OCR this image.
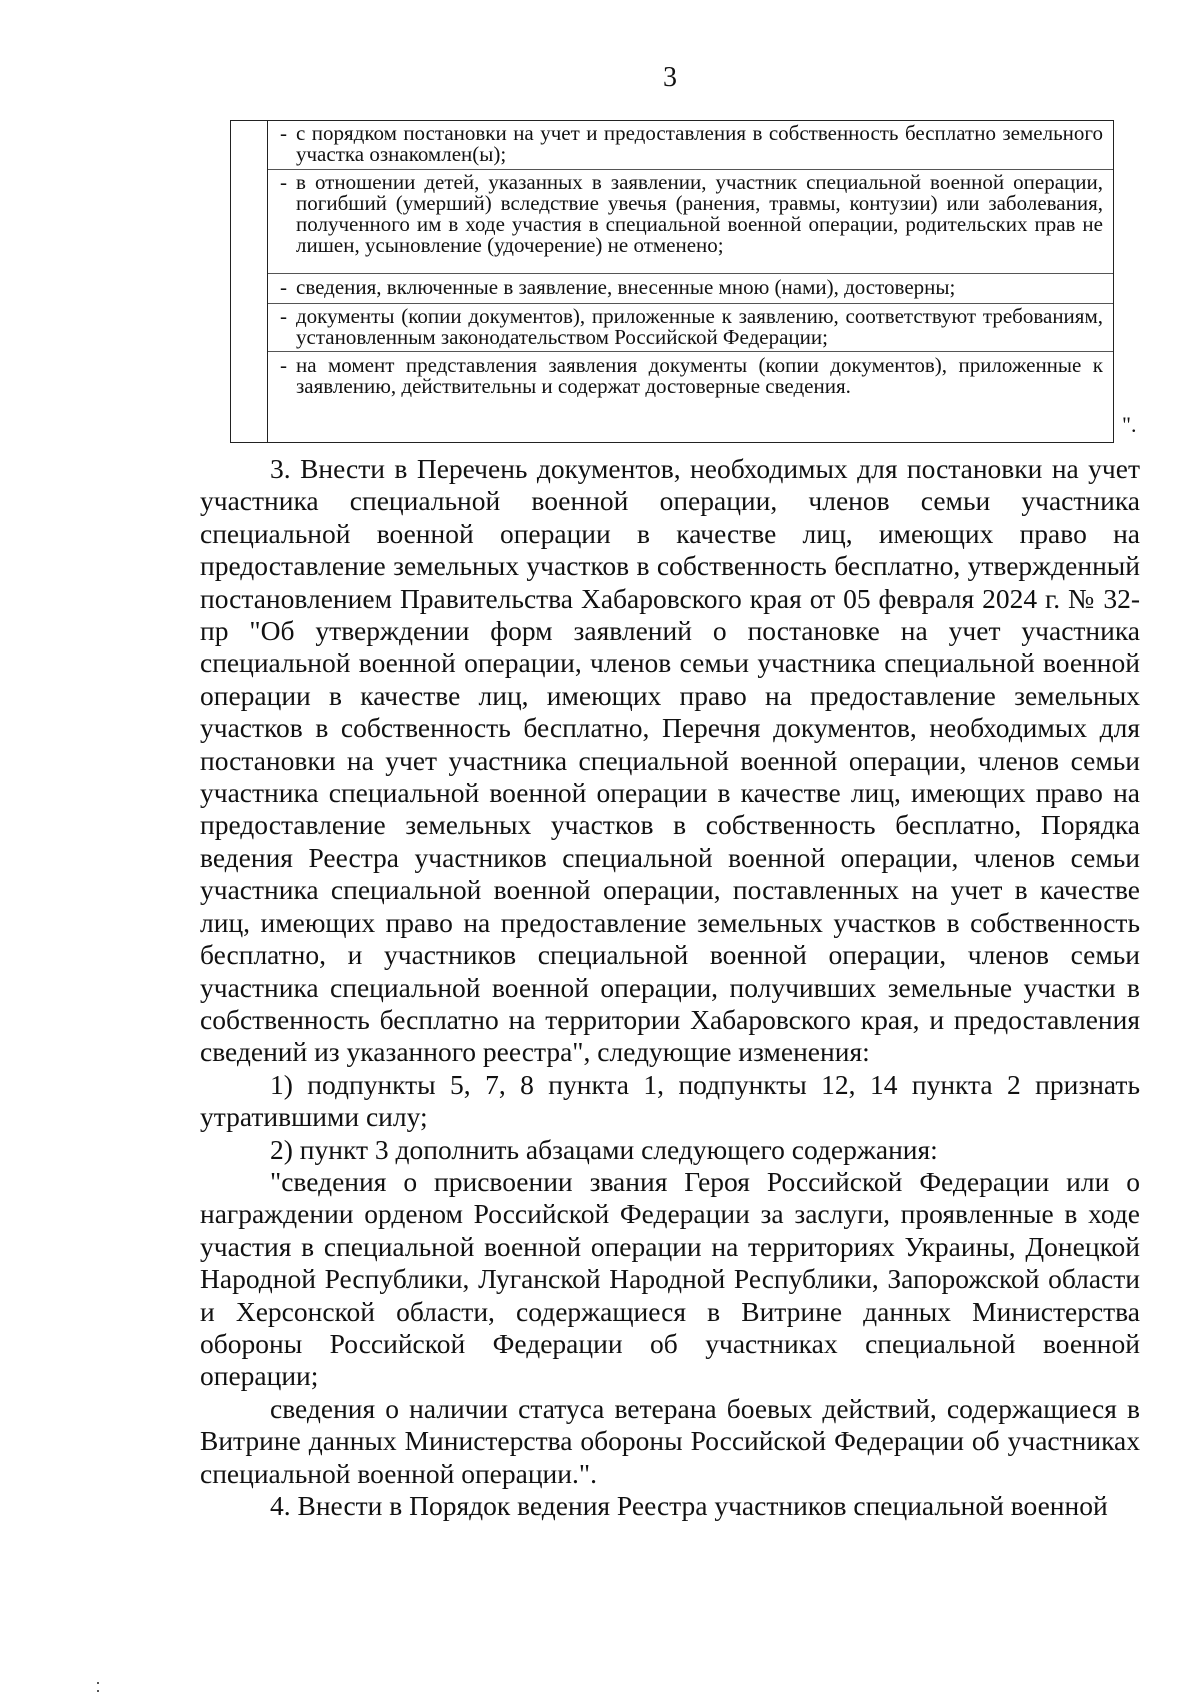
3
- с порядком постановки на учет и предоставления в собственность бесплатно земельного участка ознакомлен(ы);
- в отношении детей, указанных в заявлении, участник специальной военной операции, погибший (умерший) вследствие увечья (ранения, травмы, контузии) или заболевания, полученного им в ходе участия в специальной военной операции, родительских прав не лишен, усыновление (удочерение) не отменено;
- сведения, включенные в заявление, внесенные мною (нами), достоверны;
- документы (копии документов), приложенные к заявлению, соответствуют требованиям, установленным законодательством Российской Федерации;
- на момент представления заявления документы (копии документов), приложенные к заявлению, действительны и содержат достоверные сведения.
".

3. Внести в Перечень документов, необходимых для постановки на учет участника специальной военной операции, членов семьи участника специальной военной операции в качестве лиц, имеющих право на предоставление земельных участков в собственность бесплатно, утвержденный постановлением Правительства Хабаровского края от 05 февраля 2024 г. № 32-пр "Об утверждении форм заявлений о постановке на учет участника специальной военной операции, членов семьи участника специальной военной операции в качестве лиц, имеющих право на предоставление земельных участков в собственность бесплатно, Перечня документов, необходимых для постановки на учет участника специальной военной операции, членов семьи участника специальной военной операции в качестве лиц, имеющих право на предоставление земельных участков в собственность бесплатно, Порядка ведения Реестра участников специальной военной операции, членов семьи участника специальной военной операции, поставленных на учет в качестве лиц, имеющих право на предоставление земельных участков в собственность бесплатно, и участников специальной военной операции, членов семьи участника специальной военной операции, получивших земельные участки в собственность бесплатно на территории Хабаровского края, и предоставления сведений из указанного реестра", следующие изменения:

1) подпункты 5, 7, 8 пункта 1, подпункты 12, 14 пункта 2 признать утратившими силу;

2) пункт 3 дополнить абзацами следующего содержания:

"сведения о присвоении звания Героя Российской Федерации или о награждении орденом Российской Федерации за заслуги, проявленные в ходе участия в специальной военной операции на территориях Украины, Донецкой Народной Республики, Луганской Народной Республики, Запорожской области и Херсонской области, содержащиеся в Витрине данных Министерства обороны Российской Федерации об участниках специальной военной операции;

сведения о наличии статуса ветерана боевых действий, содержащиеся в Витрине данных Министерства обороны Российской Федерации об участниках специальной военной операции.".

4. Внести в Порядок ведения Реестра участников специальной военной
